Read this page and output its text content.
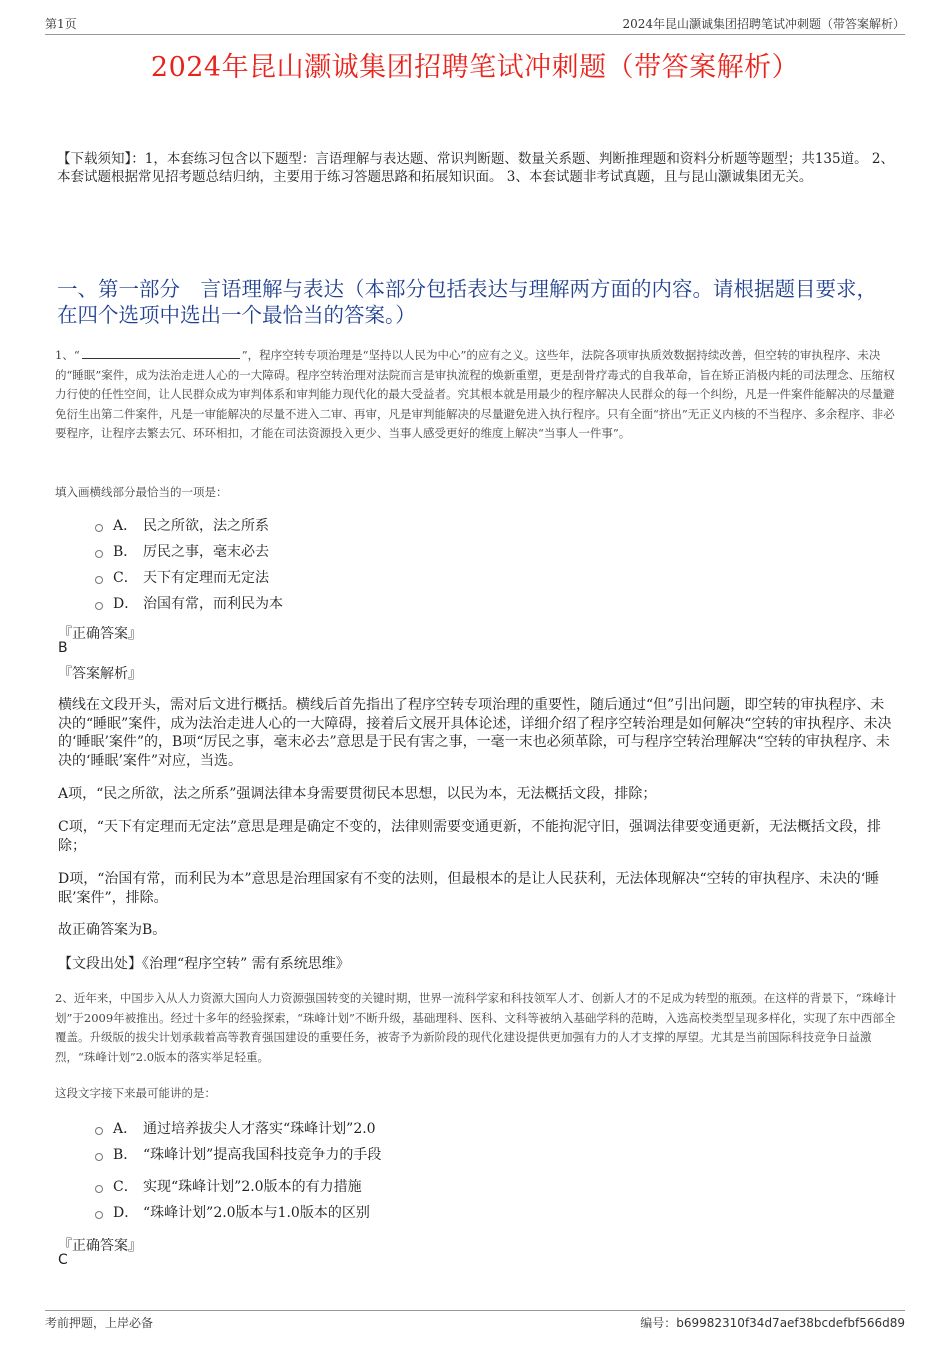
第1页	2024年昆山灏诚集团招聘笔试冲刺题（带答案解析）
2024年昆山灏诚集团招聘笔试冲刺题（带答案解析）
【下载须知】：1，本套练习包含以下题型：言语理解与表达题、常识判断题、数量关系题、判断推理题和资料分析题等题型；共135道。 2、本套试题根据常见招考题总结归纳，主要用于练习答题思路和拓展知识面。 3、本套试题非考试真题，且与昆山灏诚集团无关。
一、第一部分　言语理解与表达（本部分包括表达与理解两方面的内容。请根据题目要求，在四个选项中选出一个最恰当的答案。）
1、“	”，程序空转专项治理是“坚持以人民为中心”的应有之义。这些年，法院各项审执质效数据持续改善，但空转的审执程序、未决的“睡眠”案件，成为法治走进人心的一大障碍。程序空转治理对法院而言是审执流程的焕新重塑，更是刮骨疗毒式的自我革命，旨在矫正消极内耗的司法理念、压缩权力行使的任性空间，让人民群众成为审判体系和审判能力现代化的最大受益者。究其根本就是用最少的程序解决人民群众的每一个纠纷，凡是一件案件能解决的尽量避免衍生出第二件案件，凡是一审能解决的尽量不进入二审、再审，凡是审判能解决的尽量避免进入执行程序。只有全面“挤出”无正义内核的不当程序、多余程序、非必要程序，让程序去繁去冗、环环相扣，才能在司法资源投入更少、当事人感受更好的维度上解决“当事人一件事”。
填入画横线部分最恰当的一项是：
A． 民之所欲，法之所系
B． 厉民之事，毫末必去
C． 天下有定理而无定法
D． 治国有常，而利民为本
『正确答案』
B
『答案解析』
横线在文段开头，需对后文进行概括。横线后首先指出了程序空转专项治理的重要性，随后通过“但”引出问题，即空转的审执程序、未决的“睡眠”案件，成为法治走进人心的一大障碍，接着后文展开具体论述，详细介绍了程序空转治理是如何解决“空转的审执程序、未决的‘睡眠’案件”的，B项“厉民之事，毫末必去”意思是于民有害之事，一毫一末也必须革除，可与程序空转治理解决“空转的审执程序、未决的‘睡眠’案件”对应，当选。
A项，“民之所欲，法之所系”强调法律本身需要贯彻民本思想，以民为本，无法概括文段，排除；
C项，“天下有定理而无定法”意思是理是确定不变的，法律则需要变通更新，不能拘泥守旧，强调法律要变通更新，无法概括文段，排除；
D项，“治国有常，而利民为本”意思是治理国家有不变的法则，但最根本的是让人民获利，无法体现解决“空转的审执程序、未决的‘睡眠’案件”，排除。
故正确答案为B。
【文段出处】《治理“程序空转” 需有系统思维》
2、近年来，中国步入从人力资源大国向人力资源强国转变的关键时期，世界一流科学家和科技领军人才、创新人才的不足成为转型的瓶颈。在这样的背景下，“珠峰计划”于2009年被推出。经过十多年的经验探索，“珠峰计划”不断升级，基础理科、医科、文科等被纳入基础学科的范畴，入选高校类型呈现多样化，实现了东中西部全覆盖。升级版的拔尖计划承载着高等教育强国建设的重要任务，被寄予为新阶段的现代化建设提供更加强有力的人才支撑的厚望。尤其是当前国际科技竞争日益激烈，“珠峰计划”2.0版本的落实举足轻重。
这段文字接下来最可能讲的是：
A． 通过培养拔尖人才落实“珠峰计划”2.0
B． “珠峰计划”提高我国科技竞争力的手段
C． 实现“珠峰计划”2.0版本的有力措施
D． “珠峰计划”2.0版本与1.0版本的区别
『正确答案』
C
考前押题，上岸必备	编号：b69982310f34d7aef38bcdefbf566d89
